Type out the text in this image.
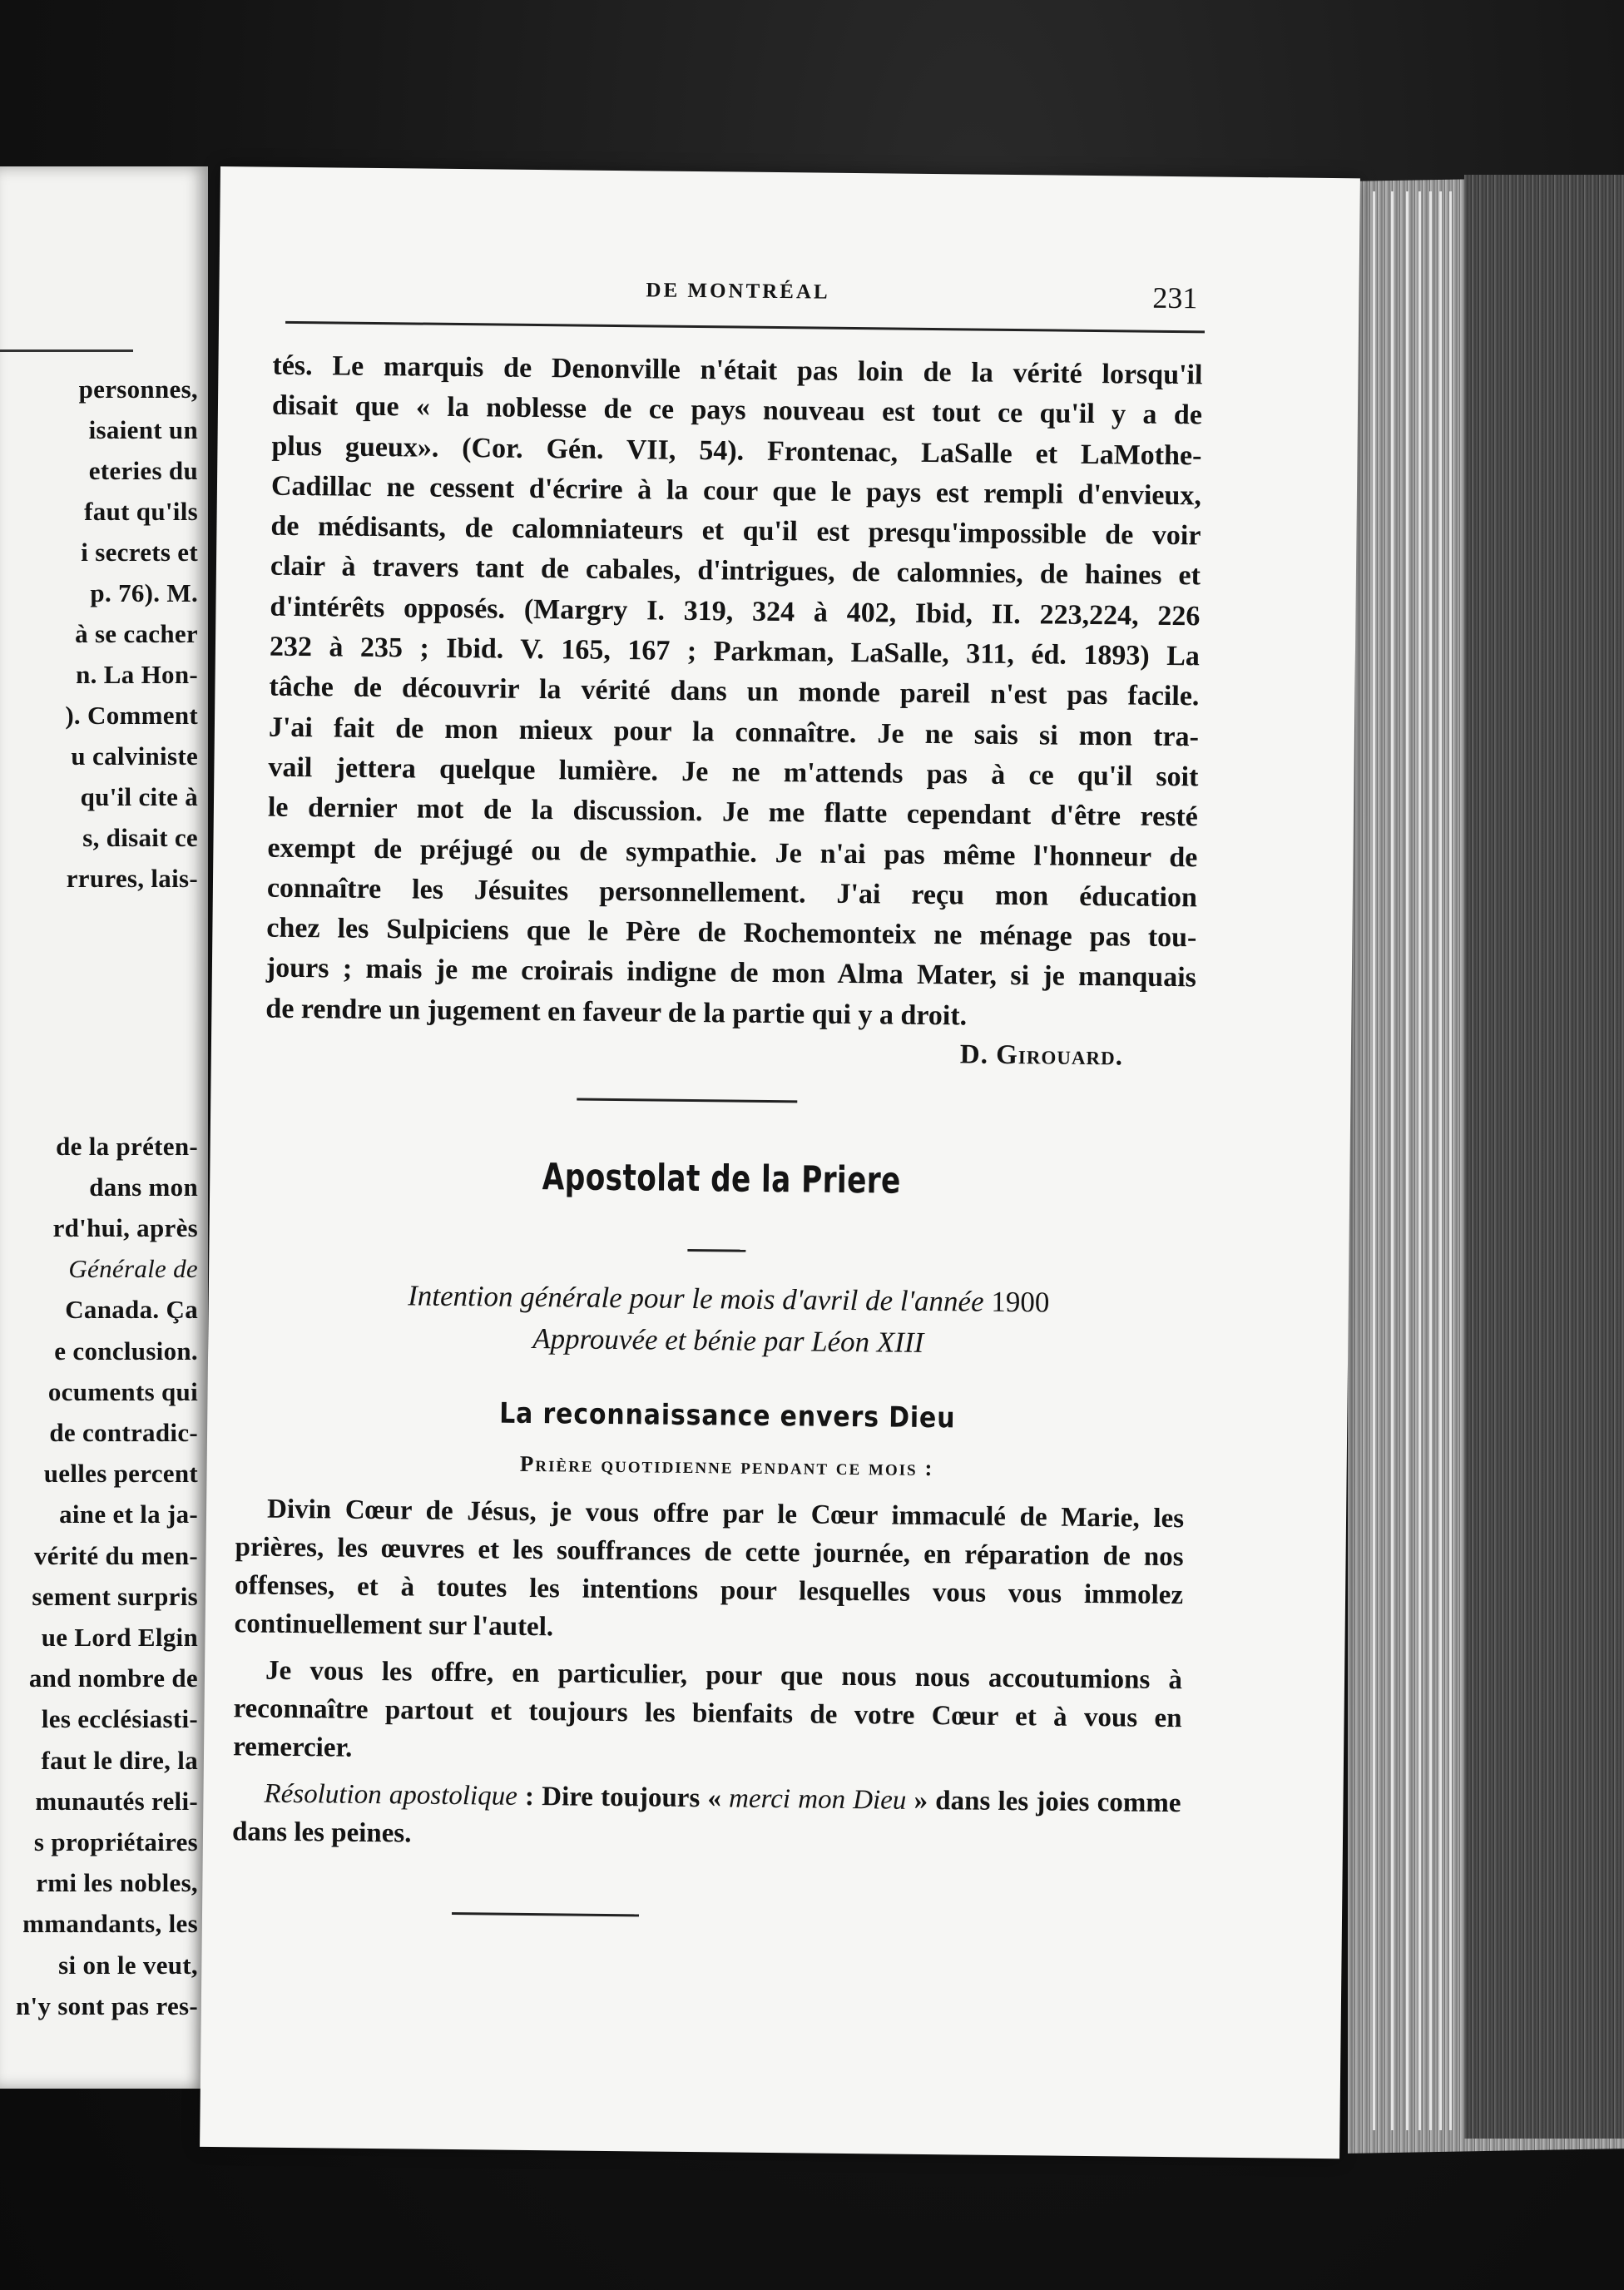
personnes,
isaient un
eteries du
faut qu'ils
i secrets et
p. 76). M.
à se cacher
n. La Hon-
). Comment
u calviniste
qu'il cite à
s, disait ce
rrures, lais-
de la préten-
dans mon
rd'hui, après
Générale de
Canada. Ça
e conclusion.
ocuments qui
de contradic-
uelles percent
aine et la ja-
vérité du men-
sement surpris
ue Lord Elgin
and nombre de
les ecclésiasti-
faut le dire, la
munautés reli-
s propriétaires
rmi les nobles,
mmandants, les
si on le veut,
n'y sont pas res-
DE MONTRÉAL	231
tés. Le marquis de Denonville n'était pas loin de la vérité lorsqu'il
disait que « la noblesse de ce pays nouveau est tout ce qu'il y a de
plus gueux». (Cor. Gén. VII, 54). Frontenac, LaSalle et LaMothe-
Cadillac ne cessent d'écrire à la cour que le pays est rempli d'envieux,
de médisants, de calomniateurs et qu'il est presqu'impossible de voir
clair à travers tant de cabales, d'intrigues, de calomnies, de haines et
d'intérêts opposés. (Margry I. 319, 324 à 402, Ibid, II. 223,224, 226
232 à 235 ; Ibid. V. 165, 167 ; Parkman, LaSalle, 311, éd. 1893) La
tâche de découvrir la vérité dans un monde pareil n'est pas facile.
J'ai fait de mon mieux pour la connaître. Je ne sais si mon tra-
vail jettera quelque lumière. Je ne m'attends pas à ce qu'il soit
le dernier mot de la discussion. Je me flatte cependant d'être resté
exempt de préjugé ou de sympathie. Je n'ai pas même l'honneur de
connaître les Jésuites personnellement. J'ai reçu mon éducation
chez les Sulpiciens que le Père de Rochemonteix ne ménage pas tou-
jours ; mais je me croirais indigne de mon Alma Mater, si je manquais
de rendre un jugement en faveur de la partie qui y a droit.
D. Girouard.
Apostolat de la Priere
Intention générale pour le mois d'avril de l'année 1900
Approuvée et bénie par Léon XIII
La reconnaissance envers Dieu
Prière quotidienne pendant ce mois :

Divin Cœur de Jésus, je vous offre par le Cœur immaculé de Marie, les prières, les œuvres et les souffrances de cette journée, en réparation de nos offenses, et à toutes les intentions pour lesquelles vous vous immolez continuellement sur l'autel.

Je vous les offre, en particulier, pour que nous nous accoutumions à reconnaître partout et toujours les bienfaits de votre Cœur et à vous en remercier.

Résolution apostolique : Dire toujours « merci mon Dieu » dans les joies comme dans les peines.
